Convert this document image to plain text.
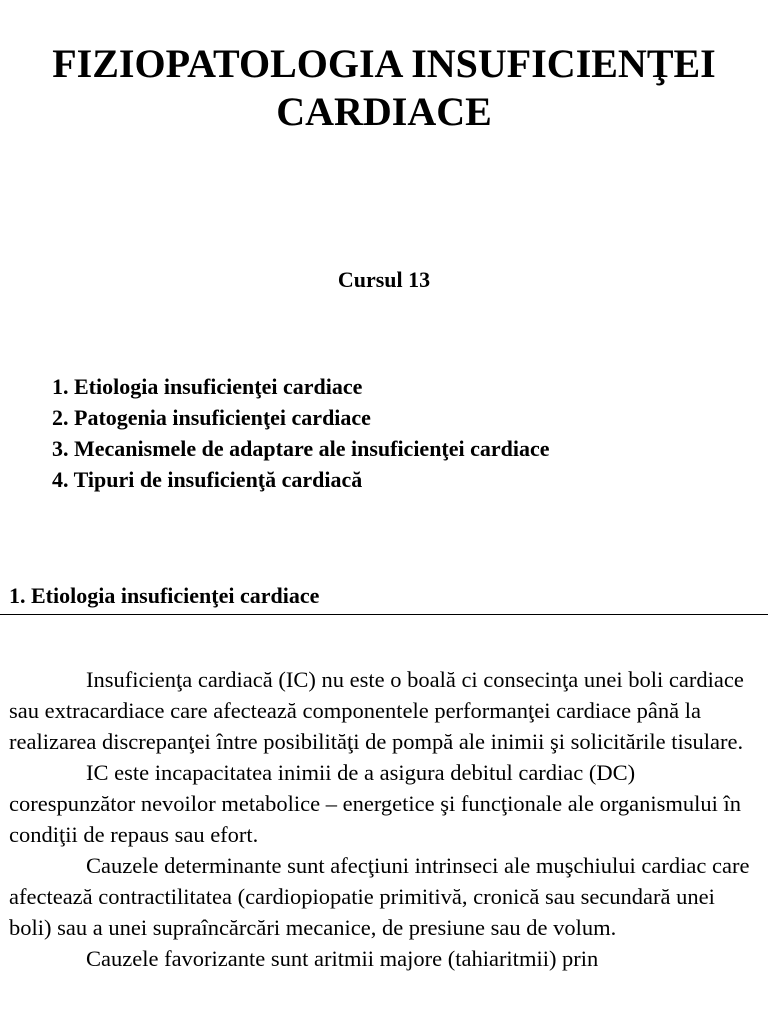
FIZIOPATOLOGIA INSUFICIENŢEI
CARDIACE
Cursul 13
1. Etiologia insuficienţei cardiace
2. Patogenia insuficienţei cardiace
3. Mecanismele de adaptare ale insuficienţei cardiace
4. Tipuri de insuficienţă cardiacă
1. Etiologia insuficienţei cardiace

Insuficienţa cardiacă (IC) nu este o boală ci consecinţa unei boli cardiace sau extracardiace care afectează componentele performanţei cardiace până la realizarea discrepanţei între posibilităţi de pompă ale inimii şi solicitările tisulare.

IC este incapacitatea inimii de a asigura debitul cardiac (DC) corespunzător nevoilor metabolice – energetice şi funcţionale ale organismului în condiţii de repaus sau efort.

Cauzele determinante sunt afecţiuni intrinseci ale muşchiului cardiac care afectează contractilitatea (cardiopiopatie primitivă, cronică sau secundară unei boli) sau a unei supraîncărcări mecanice, de presiune sau de volum.

Cauzele favorizante sunt aritmii majore (tahiaritmii) prin
